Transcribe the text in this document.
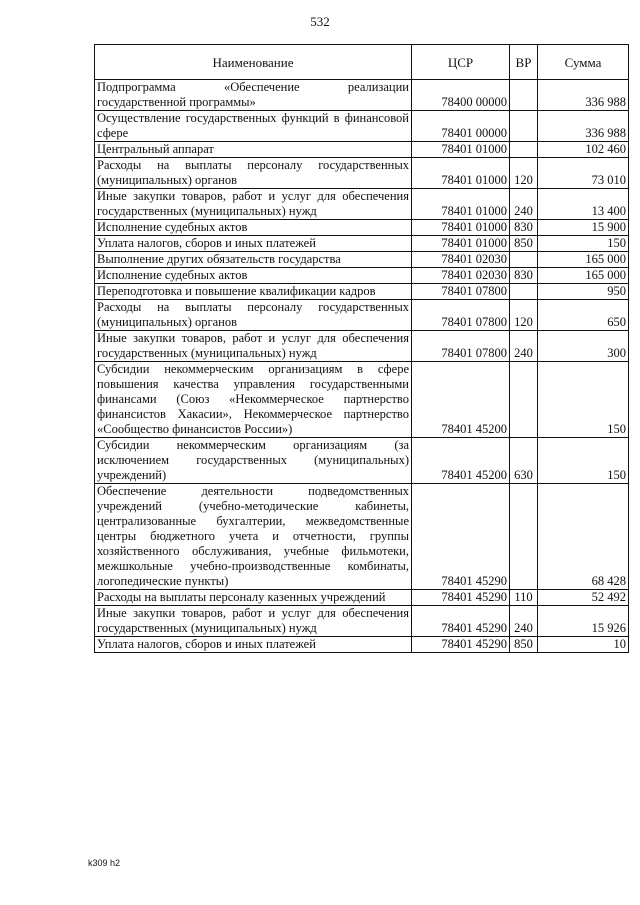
532
Наименование	ЦСР	ВР	Сумма
Подпрограмма «Обеспечение реализации государственной программы»	78400 00000		336 988
Осуществление государственных функций в финансовой сфере	78401 00000		336 988
Центральный аппарат	78401 01000		102 460
Расходы на выплаты персоналу государственных (муниципальных) органов	78401 01000	120	73 010
Иные закупки товаров, работ и услуг для обеспечения государственных (муниципальных) нужд	78401 01000	240	13 400
Исполнение судебных актов	78401 01000	830	15 900
Уплата налогов, сборов и иных платежей	78401 01000	850	150
Выполнение других обязательств государства	78401 02030		165 000
Исполнение судебных актов	78401 02030	830	165 000
Переподготовка и повышение квалификации кадров	78401 07800		950
Расходы на выплаты персоналу государственных (муниципальных) органов	78401 07800	120	650
Иные закупки товаров, работ и услуг для обеспечения государственных (муниципальных) нужд	78401 07800	240	300
Субсидии некоммерческим организациям в сфере повышения качества управления государственными финансами (Союз «Некоммерческое партнерство финансистов Хакасии», Некоммерческое партнерство «Сообщество финансистов России»)	78401 45200		150
Субсидии некоммерческим организациям (за исключением государственных (муниципальных) учреждений)	78401 45200	630	150
Обеспечение деятельности подведомственных учреждений (учебно-методические кабинеты, централизованные бухгалтерии, межведомственные центры бюджетного учета и отчетности, группы хозяйственного обслуживания, учебные фильмотеки, межшкольные учебно-производственные комбинаты, логопедические пункты)	78401 45290		68 428
Расходы на выплаты персоналу казенных учреждений	78401 45290	110	52 492
Иные закупки товаров, работ и услуг для обеспечения государственных (муниципальных) нужд	78401 45290	240	15 926
Уплата налогов, сборов и иных платежей	78401 45290	850	10
k309 h2
